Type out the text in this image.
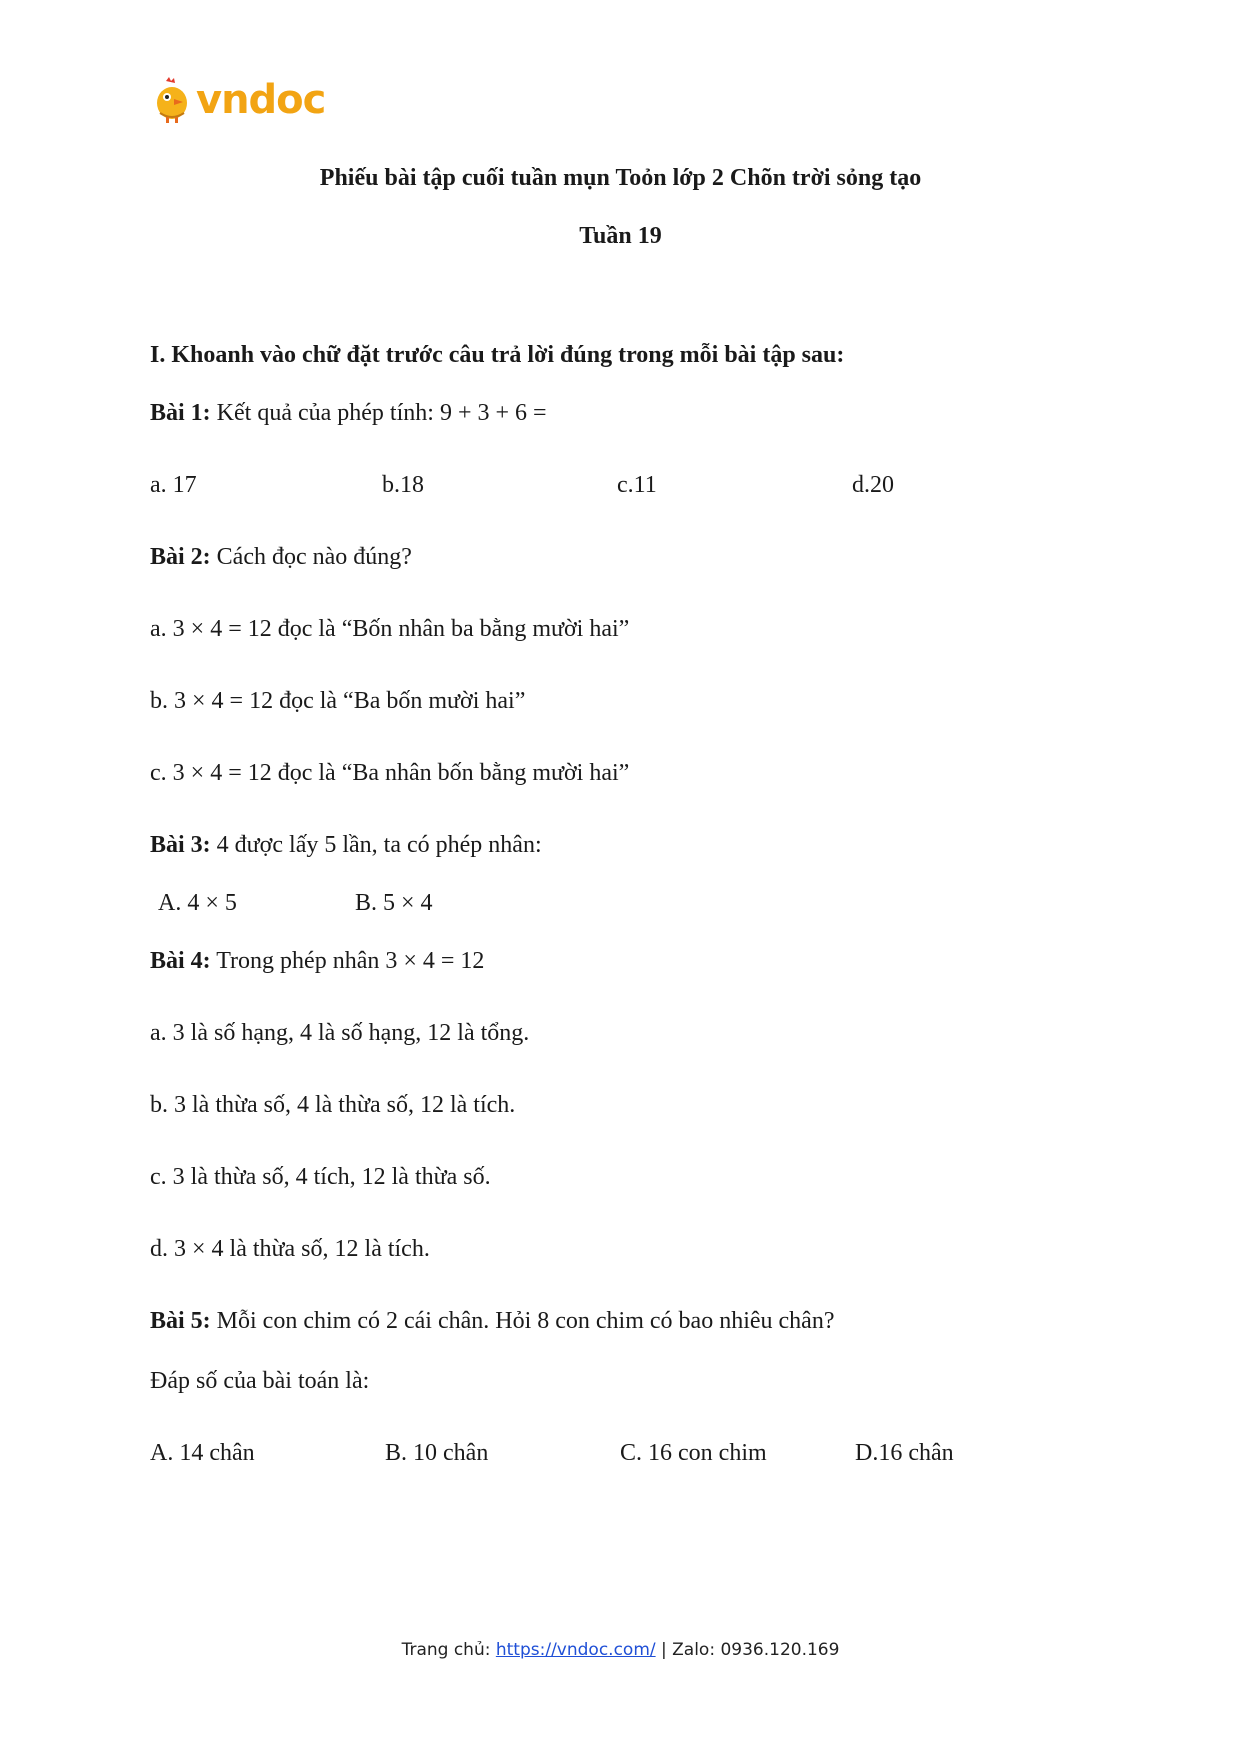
vndoc
Phiếu bài tập cuối tuần mụn Toỏn lớp 2 Chõn trời sỏng tạo
Tuần 19
I. Khoanh vào chữ đặt trước câu trả lời đúng trong mỗi bài tập sau:
Bài 1: Kết quả của phép tính: 9 + 3 + 6 =
a. 17	b.18	c.11	d.20
Bài 2: Cách đọc nào đúng?
a. 3 × 4 = 12 đọc là “Bốn nhân ba bằng mười hai”
b. 3 × 4 = 12 đọc là “Ba bốn mười hai”
c. 3 × 4 = 12 đọc là “Ba nhân bốn bằng mười hai”
Bài 3: 4 được lấy 5 lần, ta có phép nhân:
A. 4 × 5	B. 5 × 4
Bài 4: Trong phép nhân 3 × 4 = 12
a. 3 là số hạng, 4 là số hạng, 12 là tổng.
b. 3 là thừa số, 4 là thừa số, 12 là tích.
c. 3 là thừa số, 4 tích, 12 là thừa số.
d. 3 × 4 là thừa số, 12 là tích.
Bài 5: Mỗi con chim có 2 cái chân. Hỏi 8 con chim có bao nhiêu chân?
Đáp số của bài toán là:
A. 14 chân	B. 10 chân	C. 16 con chim	D.16 chân
Trang chủ: https://vndoc.com/ | Zalo: 0936.120.169
